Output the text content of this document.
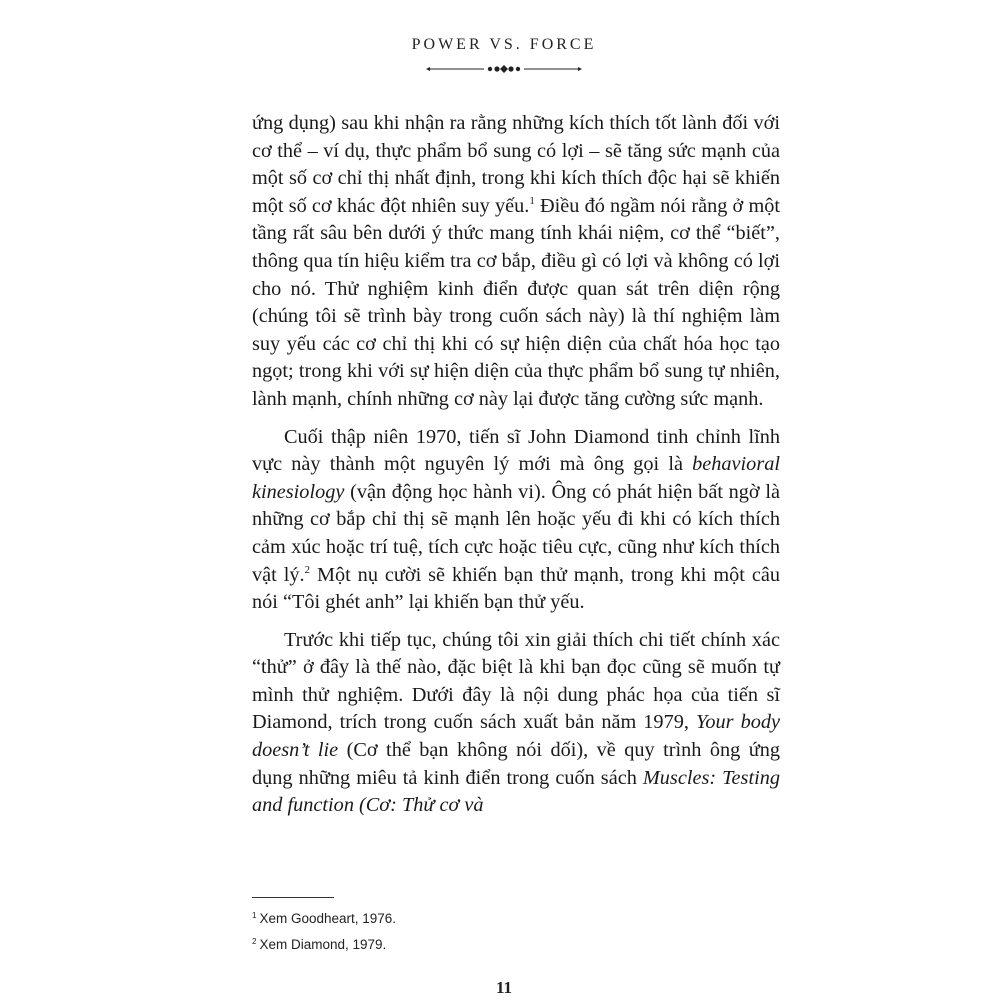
POWER VS. FORCE

ứng dụng) sau khi nhận ra rằng những kích thích tốt lành đối với cơ thể – ví dụ, thực phẩm bổ sung có lợi – sẽ tăng sức mạnh của một số cơ chỉ thị nhất định, trong khi kích thích độc hại sẽ khiến một số cơ khác đột nhiên suy yếu.$^1$ Điều đó ngầm nói rằng ở một tầng rất sâu bên dưới ý thức mang tính khái niệm, cơ thể “biết”, thông qua tín hiệu kiểm tra cơ bắp, điều gì có lợi và không có lợi cho nó. Thử nghiệm kinh điển được quan sát trên diện rộng (chúng tôi sẽ trình bày trong cuốn sách này) là thí nghiệm làm suy yếu các cơ chỉ thị khi có sự hiện diện của chất hóa học tạo ngọt; trong khi với sự hiện diện của thực phẩm bổ sung tự nhiên, lành mạnh, chính những cơ này lại được tăng cường sức mạnh.

Cuối thập niên 1970, tiến sĩ John Diamond tinh chỉnh lĩnh vực này thành một nguyên lý mới mà ông gọi là behavioral kinesiology (vận động học hành vi). Ông có phát hiện bất ngờ là những cơ bắp chỉ thị sẽ mạnh lên hoặc yếu đi khi có kích thích cảm xúc hoặc trí tuệ, tích cực hoặc tiêu cực, cũng như kích thích vật lý.$^2$ Một nụ cười sẽ khiến bạn thử mạnh, trong khi một câu nói “Tôi ghét anh” lại khiến bạn thử yếu.

Trước khi tiếp tục, chúng tôi xin giải thích chi tiết chính xác “thử” ở đây là thế nào, đặc biệt là khi bạn đọc cũng sẽ muốn tự mình thử nghiệm. Dưới đây là nội dung phác họa của tiến sĩ Diamond, trích trong cuốn sách xuất bản năm 1979, Your body doesn’t lie (Cơ thể bạn không nói dối), về quy trình ông ứng dụng những miêu tả kinh điển trong cuốn sách Muscles: Testing and function (Cơ: Thử cơ và

$^1$ Xem Goodheart, 1976.
$^2$ Xem Diamond, 1979.
11
